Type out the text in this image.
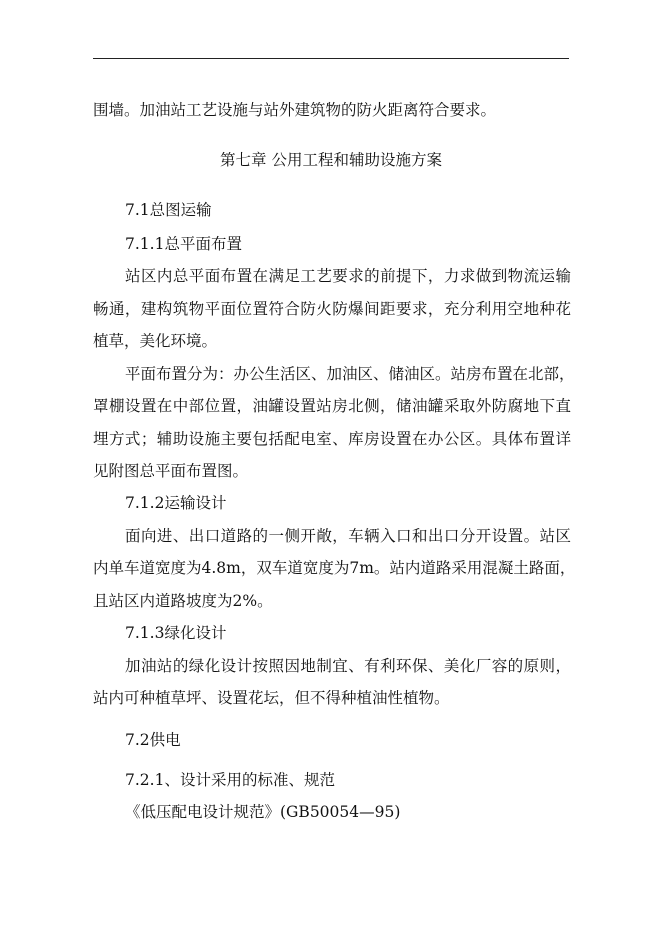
围墙。加油站工艺设施与站外建筑物的防火距离符合要求。
第七章 公用工程和辅助设施方案
7.1总图运输
7.1.1总平面布置
站区内总平面布置在满足工艺要求的前提下，力求做到物流运输
畅通，建构筑物平面位置符合防火防爆间距要求，充分利用空地种花
植草，美化环境。
平面布置分为：办公生活区、加油区、储油区。站房布置在北部，
罩棚设置在中部位置，油罐设置站房北侧，储油罐采取外防腐地下直
埋方式；辅助设施主要包括配电室、库房设置在办公区。具体布置详
见附图总平面布置图。
7.1.2运输设计
面向进、出口道路的一侧开敞，车辆入口和出口分开设置。站区
内单车道宽度为4.8m，双车道宽度为7m。站内道路采用混凝土路面，
且站区内道路坡度为2%。
7.1.3绿化设计
加油站的绿化设计按照因地制宜、有利环保、美化厂容的原则，
站内可种植草坪、设置花坛，但不得种植油性植物。
7.2供电
7.2.1、设计采用的标准、规范
《低压配电设计规范》(GB50054—95)
